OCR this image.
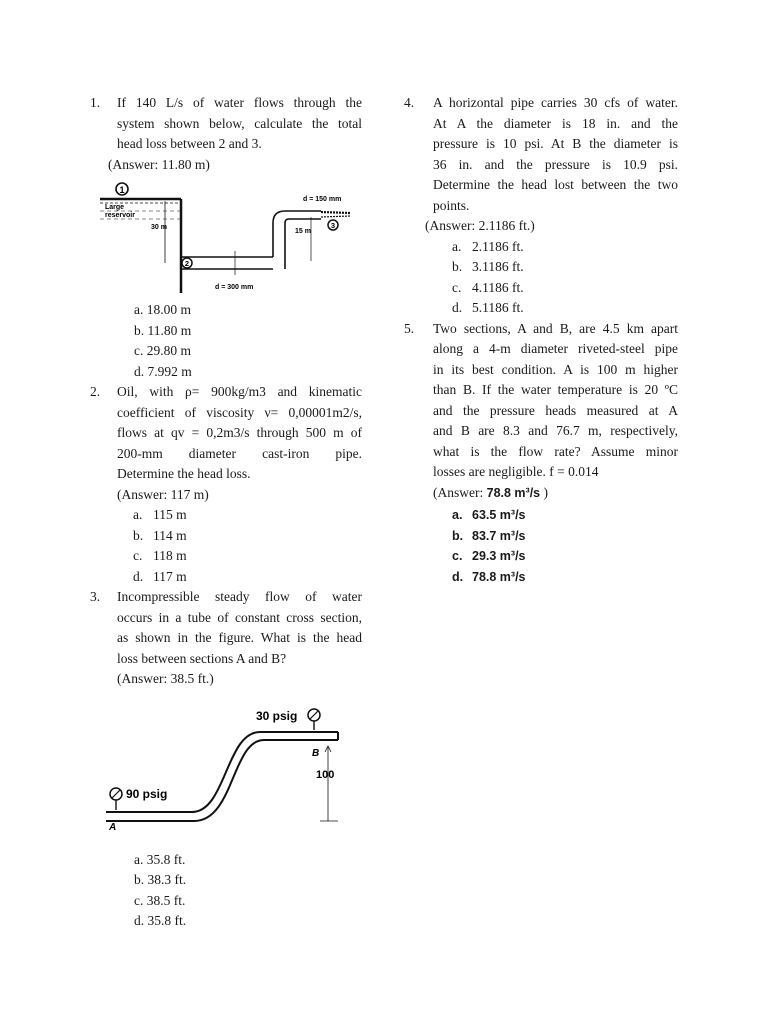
1. If 140 L/s of water flows through the
system shown below, calculate the total
head loss between 2 and 3.
(Answer: 11.80 m)
1
Large
reservoir
30 m
2
d = 300 mm
d = 150 mm
3
15 m
a. 18.00 m
b. 11.80 m
c. 29.80 m
d. 7.992 m
2. Oil, with ρ= 900kg/m3 and kinematic
coefficient of viscosity ν= 0,00001m2/s,
flows at qv = 0,2m3/s through 500 m of
200-mm diameter cast-iron pipe.
Determine the head loss.
(Answer: 117 m)
a. 115 m
b. 114 m
c. 118 m
d. 117 m
3. Incompressible steady flow of water
occurs in a tube of constant cross section,
as shown in the figure. What is the head
loss between sections A and B?
(Answer: 38.5 ft.)
30 psig
B
100
90 psig
A
a. 35.8 ft.
b. 38.3 ft.
c. 38.5 ft.
d. 35.8 ft.
4. A horizontal pipe carries 30 cfs of water.
At A the diameter is 18 in. and the
pressure is 10 psi. At B the diameter is
36 in. and the pressure is 10.9 psi.
Determine the head lost between the two
points.
(Answer: 2.1186 ft.)
a. 2.1186 ft.
b. 3.1186 ft.
c. 4.1186 ft.
d. 5.1186 ft.
5. Two sections, A and B, are 4.5 km apart
along a 4-m diameter riveted-steel pipe
in its best condition. A is 100 m higher
than B. If the water temperature is 20 ºC
and the pressure heads measured at A
and B are 8.3 and 76.7 m, respectively,
what is the flow rate? Assume minor
losses are negligible. f = 0.014
(Answer: 78.8 m³/s )
a. 63.5 m³/s
b. 83.7 m³/s
c. 29.3 m³/s
d. 78.8 m³/s
